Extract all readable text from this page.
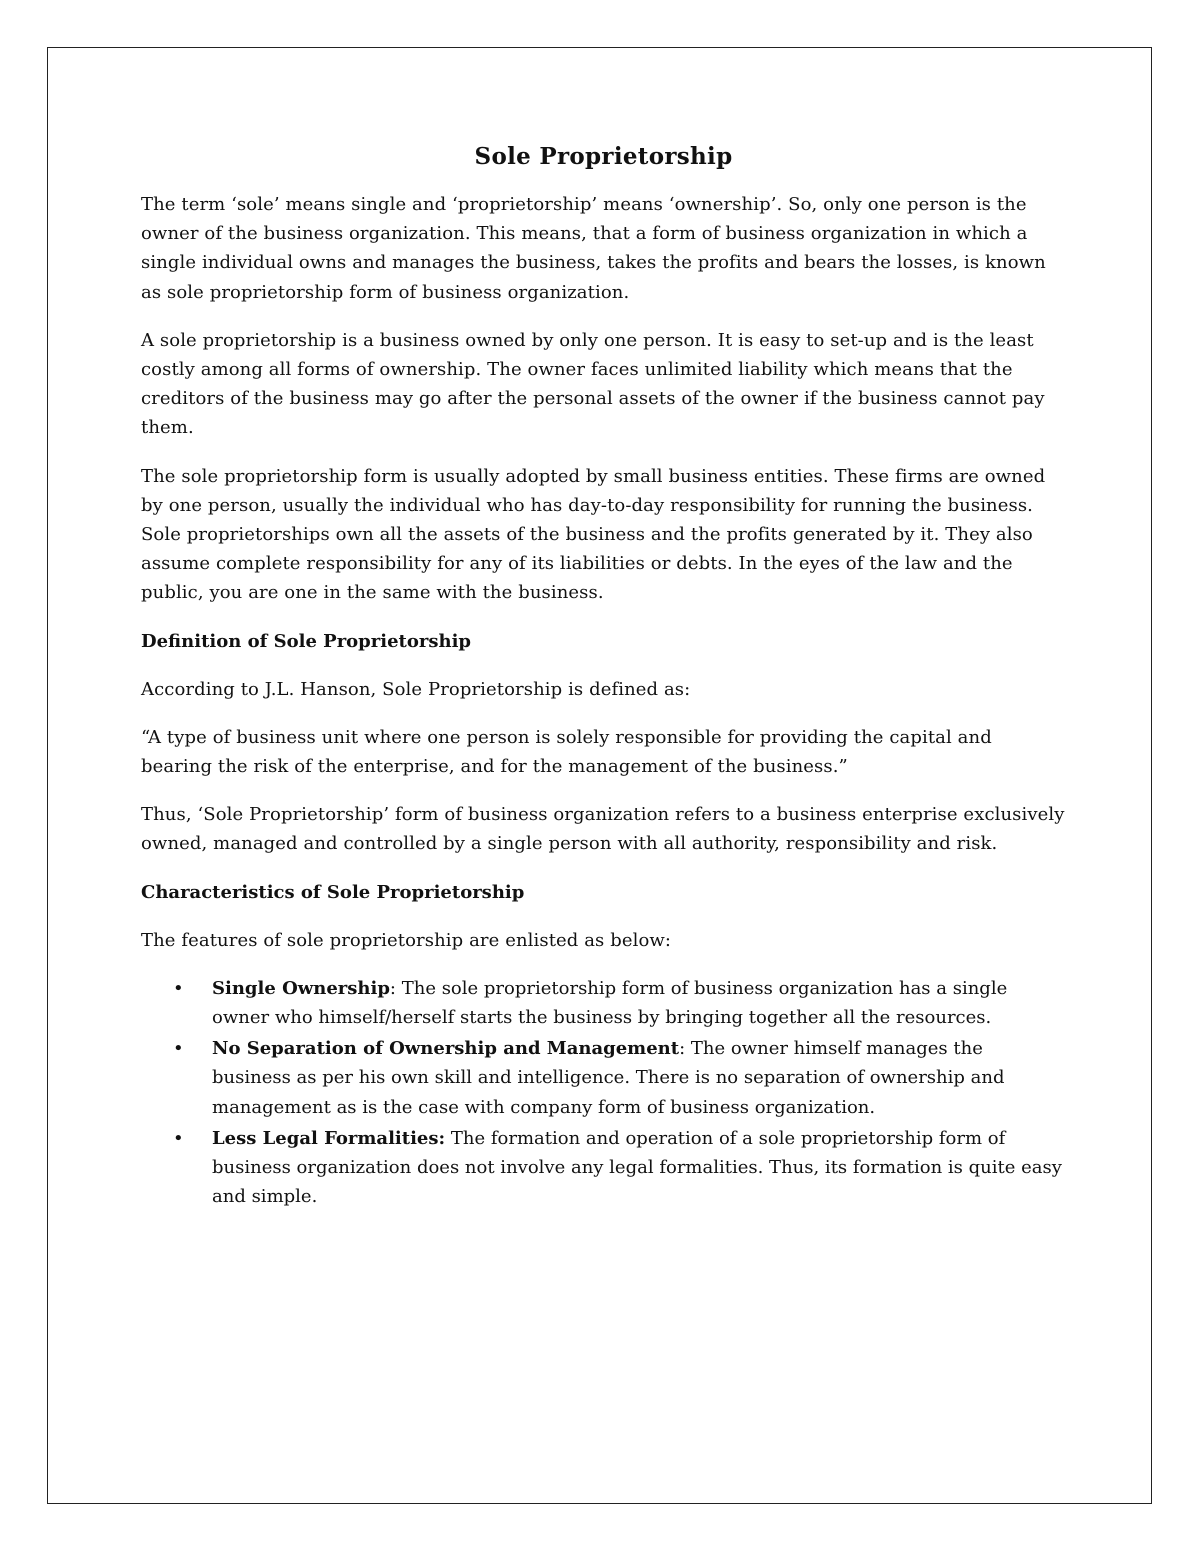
Sole Proprietorship

The term ‘sole’ means single and ‘proprietorship’ means ‘ownership’. So, only one person is the owner of the business organization. This means, that a form of business organization in which a single individual owns and manages the business, takes the profits and bears the losses, is known as sole proprietorship form of business organization.

A sole proprietorship is a business owned by only one person. It is easy to set-up and is the least costly among all forms of ownership. The owner faces unlimited liability which means that the creditors of the business may go after the personal assets of the owner if the business cannot pay them.

The sole proprietorship form is usually adopted by small business entities. These firms are owned by one person, usually the individual who has day-to-day responsibility for running the business. Sole proprietorships own all the assets of the business and the profits generated by it. They also assume complete responsibility for any of its liabilities or debts. In the eyes of the law and the public, you are one in the same with the business.

Definition of Sole Proprietorship

According to J.L. Hanson, Sole Proprietorship is defined as:

“A type of business unit where one person is solely responsible for providing the capital and bearing the risk of the enterprise, and for the management of the business.”

Thus, ‘Sole Proprietorship’ form of business organization refers to a business enterprise exclusively owned, managed and controlled by a single person with all authority, responsibility and risk.

Characteristics of Sole Proprietorship

The features of sole proprietorship are enlisted as below:

• Single Ownership: The sole proprietorship form of business organization has a single owner who himself/herself starts the business by bringing together all the resources.
• No Separation of Ownership and Management: The owner himself manages the business as per his own skill and intelligence. There is no separation of ownership and management as is the case with company form of business organization.
• Less Legal Formalities: The formation and operation of a sole proprietorship form of business organization does not involve any legal formalities. Thus, its formation is quite easy and simple.
